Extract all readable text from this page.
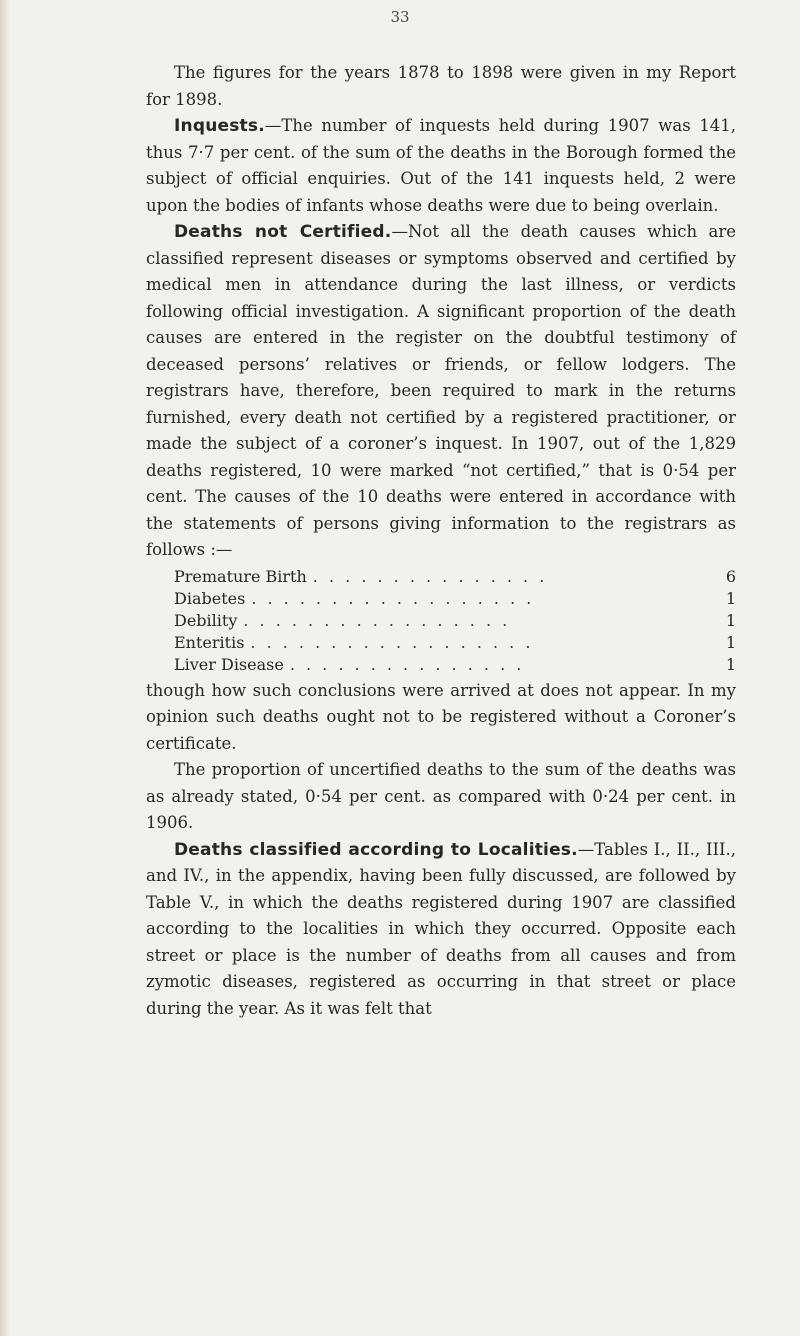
33

The figures for the years 1878 to 1898 were given in my Report for 1898.

Inquests.—The number of inquests held during 1907 was 141, thus 7·7 per cent. of the sum of the deaths in the Borough formed the subject of official enquiries. Out of the 141 inquests held, 2 were upon the bodies of infants whose deaths were due to being overlain.

Deaths not Certified.—Not all the death causes which are classified represent diseases or symptoms observed and certified by medical men in attendance during the last illness, or verdicts following official investigation. A significant proportion of the death causes are entered in the register on the doubtful testimony of deceased persons’ relatives or friends, or fellow lodgers. The registrars have, therefore, been required to mark in the returns furnished, every death not certified by a registered practitioner, or made the subject of a coroner’s inquest. In 1907, out of the 1,829 deaths registered, 10 were marked “not certified,” that is 0·54 per cent. The causes of the 10 deaths were entered in accordance with the statements of persons giving information to the registrars as follows :—

Premature Birth . . . . . . . . . . . . . . .	6
Diabetes . . . . . . . . . . . . . . . . . .	1
Debility . . . . . . . . . . . . . . . . .	1
Enteritis . . . . . . . . . . . . . . . . . .	1
Liver Disease . . . . . . . . . . . . . . .	1

though how such conclusions were arrived at does not appear. In my opinion such deaths ought not to be registered without a Coroner’s certificate.

The proportion of uncertified deaths to the sum of the deaths was as already stated, 0·54 per cent. as compared with 0·24 per cent. in 1906.

Deaths classified according to Localities.—Tables I., II., III., and IV., in the appendix, having been fully discussed, are followed by Table V., in which the deaths registered during 1907 are classified according to the localities in which they occurred. Opposite each street or place is the number of deaths from all causes and from zymotic diseases, registered as occurring in that street or place during the year. As it was felt that
